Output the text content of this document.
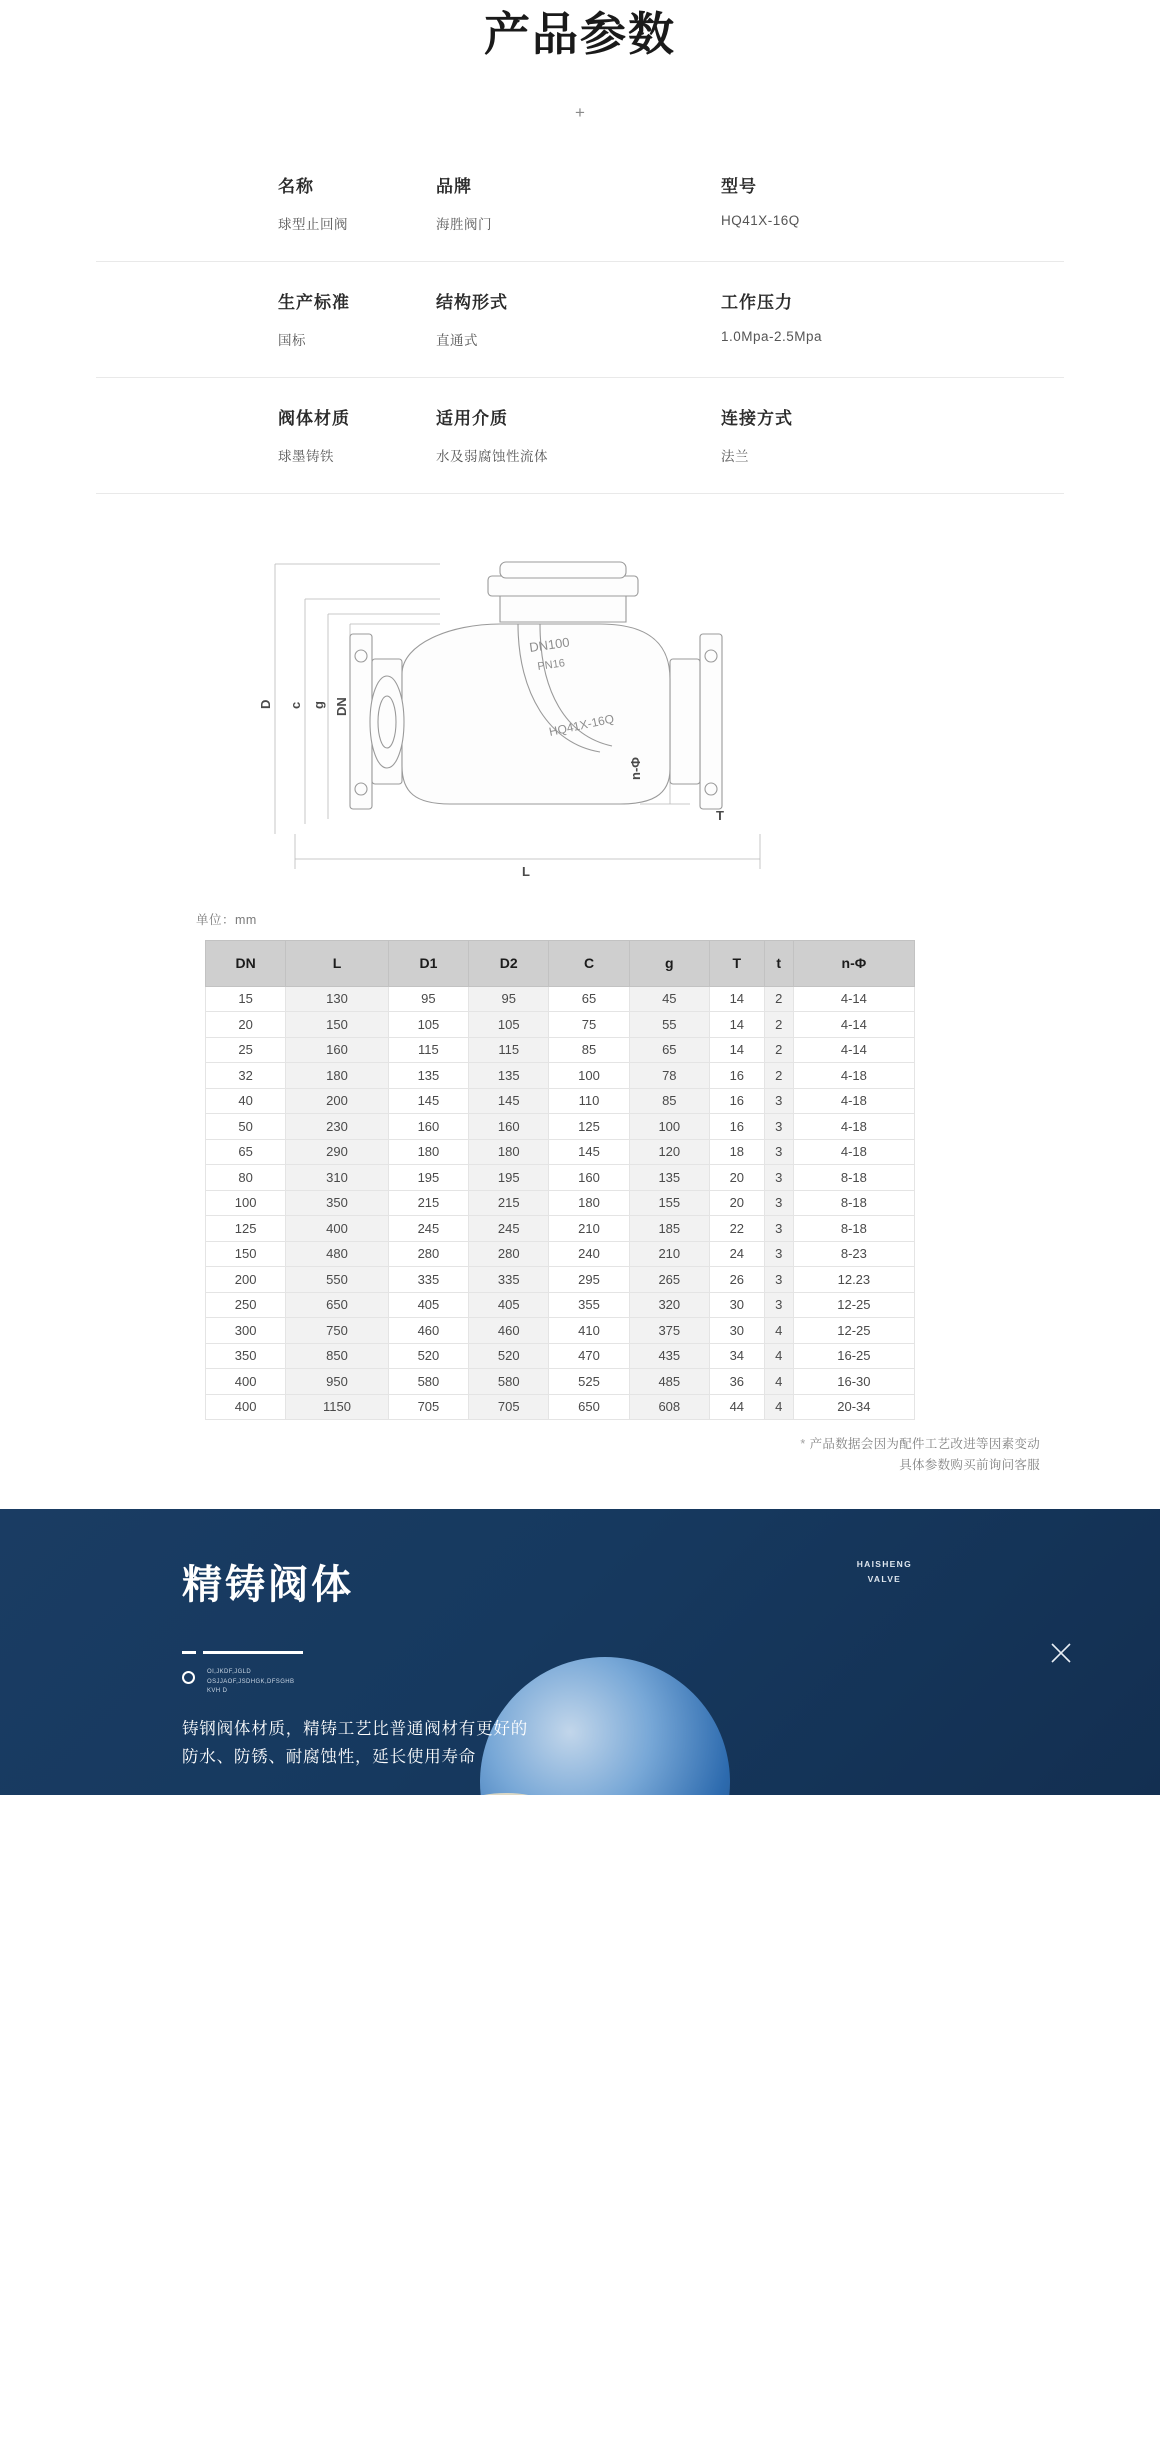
产品参数
+
名称
球型止回阀
品牌
海胜阀门
型号
HQ41X-16Q
生产标准
国标
结构形式
直通式
工作压力
1.0Mpa-2.5Mpa
阀体材质
球墨铸铁
适用介质
水及弱腐蚀性流体
连接方式
法兰
DN100
PN16
HQ41X-16Q
D c g DN
L
T
n-Φ
单位：mm
DN	L	D1	D2	C	g	T	t	n-Φ
15	130	95	95	65	45	14	2	4-14
20	150	105	105	75	55	14	2	4-14
25	160	115	115	85	65	14	2	4-14
32	180	135	135	100	78	16	2	4-18
40	200	145	145	110	85	16	3	4-18
50	230	160	160	125	100	16	3	4-18
65	290	180	180	145	120	18	3	4-18
80	310	195	195	160	135	20	3	8-18
100	350	215	215	180	155	20	3	8-18
125	400	245	245	210	185	22	3	8-18
150	480	280	280	240	210	24	3	8-23
200	550	335	335	295	265	26	3	12.23
250	650	405	405	355	320	30	3	12-25
300	750	460	460	410	375	30	4	12-25
350	850	520	520	470	435	34	4	16-25
400	950	580	580	525	485	36	4	16-30
400	1150	705	705	650	608	44	4	20-34
* 产品数据会因为配件工艺改进等因素变动
具体参数购买前询问客服
精铸阀体
OI,JKDF,JGLD
OSJJAOF,JSDHGK,DFSGHB
KVH D
铸钢阀体材质，精铸工艺比普通阀材有更好的
防水、防锈、耐腐蚀性，延长使用寿命
HAISHENG
VALVE
